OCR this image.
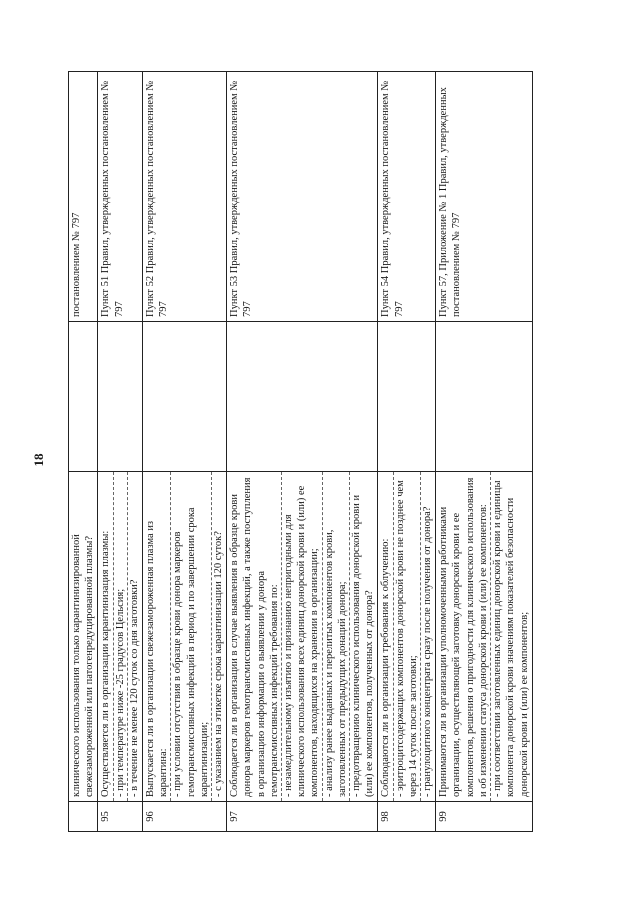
18
	клинического использования только карантинизированной свежезамороженной или патогенредуцированной плазмы?		постановлением № 797
95	Осуществляется ли в организации карантинизация плазмы: - при температуре ниже -25 градусов Цельсия; - в течение не менее 120 суток со дня заготовки?		Пункт 51 Правил, утвержденных постановлением № 797
96	Выпускается ли в организации свежезамороженная плазма из карантина: - при условии отсутствия в образце крови донора маркеров гемотрансмиссивных инфекций в период и по завершении срока карантинизации; - с указанием на этикетке срока карантинизации 120 суток?		Пункт 52 Правил, утвержденных постановлением № 797
97	Соблюдается ли в организации в случае выявления в образце крови донора маркеров гемотрансмиссивных инфекций, а также поступления в организацию информации о выявлении у донора гемотрансмиссивных инфекций требования по: - незамедлительному изъятию и признанию непригодными для клинического использования всех единиц донорской крови и (или) ее компонентов, находящихся на хранении в организации; - анализу ранее выданных и перелитых компонентов крови, заготовленных от предыдущих донаций донора; - предотвращению клинического использования донорской крови и (или) ее компонентов, полученных от донора?		Пункт 53 Правил, утвержденных постановлением № 797
98	Соблюдаются ли в организации требования к облучению: - эритроцитсодержащих компонентов донорской крови не позднее чем через 14 суток после заготовки; - гранулоцитного концентрата сразу после получения от донора?		Пункт 54 Правил, утвержденных постановлением № 797
99	Принимаются ли в организации уполномоченными работниками организации, осуществляющей заготовку донорской крови и ее компонентов, решения о пригодности для клинического использования и об изменении статуса донорской крови и (или) ее компонентов: - при соответствии заготовленных единиц донорской крови и единицы компонента донорской крови значениям показателей безопасности донорской крови и (или) ее компонентов;		Пункт 57, Приложение № 1 Правил, утвержденных постановлением № 797
